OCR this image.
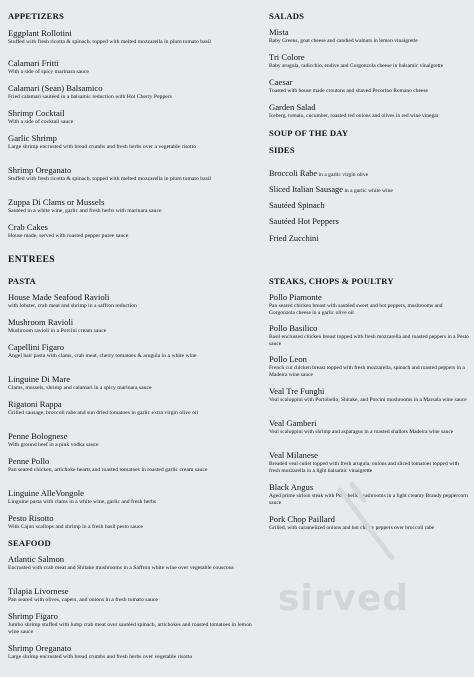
APPETIZERS
Eggplant Rollotini
Stuffed with fresh ricotta & spinach, topped with melted mozzarella in plum tomato basil
Calamari Fritti
With a side of spicy marinara sauce
Calamari (Sean) Balsamico
Fried calamari sautéed in a balsamic reduction with Hot Cherry Peppers
Shrimp Cocktail
With a side of cocktail sauce
Garlic Shrimp
Large shrimp encrusted with bread crumbs and fresh herbs over a vegetable risotto
Shrimp Oreganato
Stuffed with fresh ricotta & spinach, topped with melted mozzarella in plum tomato basil
Zuppa Di Clams or Mussels
Sautéed in a white wine, garlic and fresh herbs with marinara sauce
Crab Cakes
House made, served with roasted pepper puree sauce
ENTREES
PASTA
House Made Seafood Ravioli
with lobster, crab meat and shrimp in a saffron reduction
Mushroom Ravioli
Mushroom ravioli in a Porcini cream sauce
Capellini Figaro
Angel hair pasta with clams, crab meat, cherry tomatoes & arugula in a white wine
Linguine Di Mare
Clams, mussels, shrimp and calamari in a spicy marinara sauce
Rigatoni Rappa
Grilled sausage, broccoli rabe and sun dried tomatoes in garlic extra virgin olive oil
Penne Bolognese
With ground beef in a pink vodka sauce
Penne Pollo
Pan seared chicken, artichoke hearts and roasted tomatoes in roasted garlic cream sauce
Linguine AlleVongole
Linguine pasta with clams in a white wine, garlic and fresh herbs
Pesto Risotto
With Cajun scallops and shrimp in a fresh basil pesto sauce
SEAFOOD
Atlantic Salmon
Encrusted with crab meat and Shitake mushrooms in a Saffron white wine over vegetable couscous
Tilapia Livornese
Pan seared with olives, capers, and onions in a fresh tomato sauce
Shrimp Figaro
Jumbo shrimp stuffed with lump crab meat over sautéed spinach, artichokes and roasted tomatoes in lemon wine sauce
Shrimp Oreganato
Large shrimp encrusted with bread crumbs and fresh herbs over vegetable risotto
SALADS
Mista
Baby Greens, goat cheese and candied walnuts in lemon vinaigrette
Tri Colore
Baby arugula, radicchio, endive and Gorgonzola cheese in balsamic vinaigrette
Caesar
Toasted with house made croutons and shaved Pecorino Romano cheese
Garden Salad
Iceberg, tomato, cucumber, roasted red onions and olives in red wine vinegar
SOUP OF THE DAY
SIDES
Broccoli Rabe in a garlic virgin olive
Sliced Italian Sausage in a garlic white wine
Sautéed Spinach
Sautéed Hot Peppers
Fried Zucchini
STEAKS, CHOPS & POULTRY
Pollo Piamonte
Pan seared chicken breast with sautéed sweet and hot peppers, mushrooms and Gorgonzola cheese in a garlic olive oil
Pollo Basilico
Basil encrusted chicken breast topped with fresh mozzarella and roasted peppers in a Pesto sauce
Pollo Leon
French cut chicken breast topped with fresh mozzarella, spinach and roasted peppers in a Madeira wine sauce
Veal Tre Funghi
Veal scaloppini with Portobello, Shitake, and Porcini mushrooms in a Marsala wine sauce
Veal Gamberi
Veal scaloppini with shrimp and asparagus in a roasted shallots Madeira wine sauce
Veal Milanese
Breaded veal cutlet topped with fresh arugula, onions and sliced tomatoes topped with fresh mozzarella in a light balsamic vinaigrette
Black Angus
Aged prime sirloin steak with Portobello mushrooms in a light creamy Brandy peppercorn sauce
Pork Chop Paillard
Grilled, with caramelized onions and hot cherry peppers over broccoli rabe
sirved
